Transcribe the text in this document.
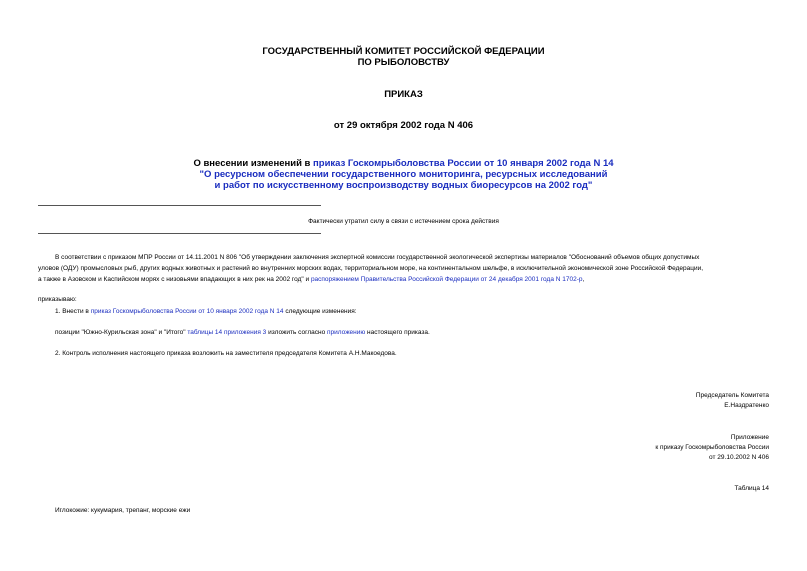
ГОСУДАРСТВЕННЫЙ КОМИТЕТ РОССИЙСКОЙ ФЕДЕРАЦИИ
ПО РЫБОЛОВСТВУ
ПРИКАЗ
от 29 октября 2002 года N 406
О внесении изменений в приказ Госкомрыболовства России от 10 января 2002 года N 14
"О ресурсном обеспечении государственного мониторинга, ресурсных исследований
и работ по искусственному воспроизводству водных биоресурсов на 2002 год"
Фактически утратил силу в связи с истечением срока действия
В соответствии с приказом МПР России от 14.11.2001 N 806 "Об утверждении заключения экспертной комиссии государственной экологической экспертизы материалов "Обоснований объемов общих допустимых
уловов (ОДУ) промысловых рыб, других водных животных и растений во внутренних морских водах, территориальном море, на континентальном шельфе, в исключительной экономической зоне Российской Федерации,
а также в Азовском и Каспийском морях с низовьями впадающих в них рек на 2002 год" и распоряжением Правительства Российской Федерации от 24 декабря 2001 года N 1702-р,
приказываю:
1. Внести в приказ Госкомрыболовства России от 10 января 2002 года N 14 следующие изменения:
позиции "Южно-Курильская зона" и "Итого" таблицы 14 приложения 3 изложить согласно приложению настоящего приказа.
2. Контроль исполнения настоящего приказа возложить на заместителя председателя Комитета А.Н.Макоедова.
Председатель Комитета
Е.Наздратенко
Приложение
к приказу Госкомрыболовства России
от 29.10.2002 N 406
Таблица 14
Иглокожие: кукумария, трепанг, морские ежи
